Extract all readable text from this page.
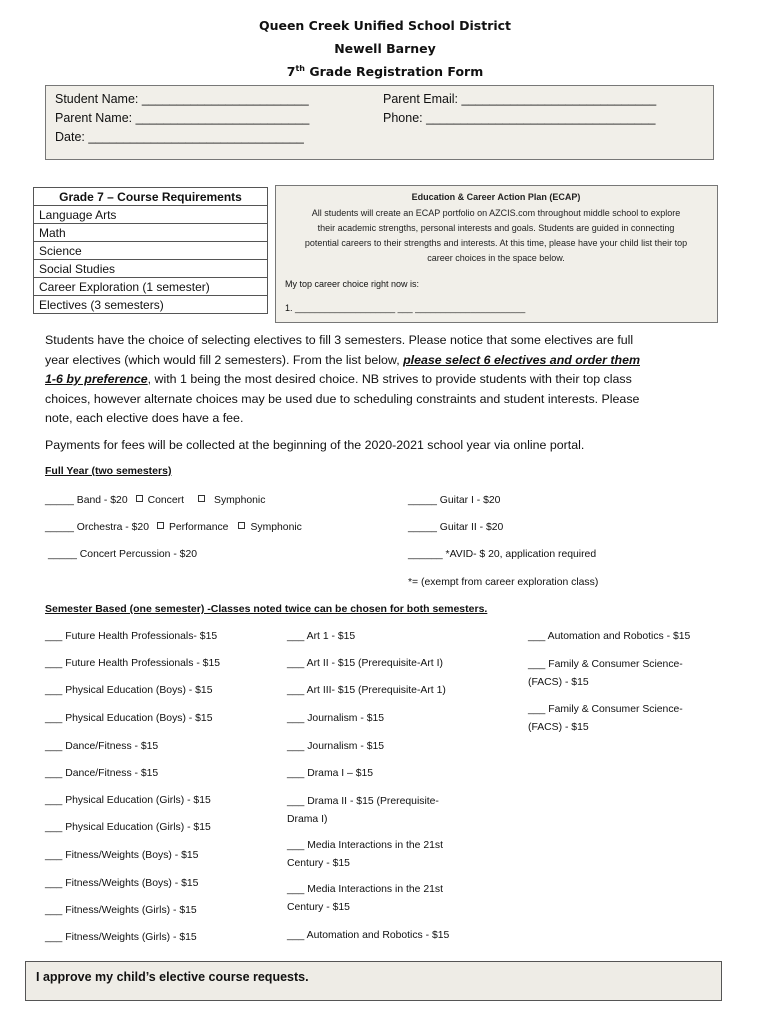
Queen Creek Unified School District
Newell Barney
7th Grade Registration Form
Student Name: ________________________
Parent Name: _________________________
Date: _______________________________
Parent Email: ____________________________
Phone: _________________________________
Grade 7 – Course Requirements
Language Arts
Math
Science
Social Studies
Career Exploration (1 semester)
Electives (3 semesters)
Education & Career Action Plan (ECAP)
All students will create an ECAP portfolio on AZCIS.com throughout middle school to explore
their academic strengths, personal interests and goals. Students are guided in connecting
potential careers to their strengths and interests. At this time, please have your child list their top
career choices in the space below.
My top career choice right now is:
1. ____________________ ___ ______________________
Students have the choice of selecting electives to fill 3 semesters. Please notice that some electives are full year electives (which would fill 2 semesters). From the list below, please select 6 electives and order them 1-6 by preference, with 1 being the most desired choice. NB strives to provide students with their top class choices, however alternate choices may be used due to scheduling constraints and student interests. Please note, each elective does have a fee.
Payments for fees will be collected at the beginning of the 2020-2021 school year via online portal.
Full Year (two semesters)
_____ Band - $20 Concert	Symphonic
_____ Orchestra - $20 Performance Symphonic
_____ Concert Percussion - $20
_____ Guitar I - $20
_____ Guitar II - $20
______ *AVID- $ 20, application required
*= (exempt from career exploration class)
Semester Based (one semester) -Classes noted twice can be chosen for both semesters.
___ Future Health Professionals- $15
___ Future Health Professionals - $15
___ Physical Education (Boys) - $15
___ Physical Education (Boys) - $15
___ Dance/Fitness - $15
___ Dance/Fitness - $15
___ Physical Education (Girls) - $15
___ Physical Education (Girls) - $15
___ Fitness/Weights (Boys) - $15
___ Fitness/Weights (Boys) - $15
___ Fitness/Weights (Girls) - $15
___ Fitness/Weights (Girls) - $15
___ Art 1 - $15
___ Art II - $15 (Prerequisite-Art I)
___ Art III- $15 (Prerequisite-Art 1)
___ Journalism - $15
___ Journalism - $15
___ Drama I – $15
___ Drama II - $15 (Prerequisite-Drama I)
___ Media Interactions in the 21st Century - $15
___ Media Interactions in the 21st Century - $15
___ Automation and Robotics - $15
___ Automation and Robotics - $15
___ Family & Consumer Science-(FACS) - $15
___ Family & Consumer Science-(FACS) - $15
I approve my child’s elective course requests.
